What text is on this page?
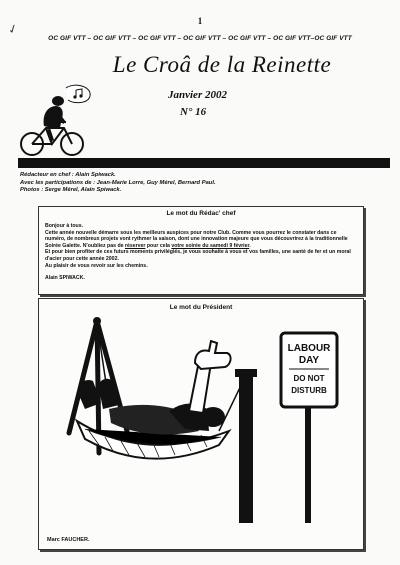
✓	1
OC GIF VTT – OC GIF VTT – OC GIF VTT – OC GIF VTT – OC GIF VTT – OC GIF VTT–OC GIF VTT
Le Croâ de la Reinette
Janvier 2002
N° 16
Rédacteur en chef : Alain Spiwack.
Avec les participations de : Jean-Marie Lorre, Guy Mérel, Bernard Paul.
Photos : Serge Mérel, Alain Spiwack.
Le mot du Rédac' chef

Bonjour à tous.

Cette année nouvelle démarre sous les meilleurs auspices pour notre Club. Comme vous pourrez le constater dans ce numéro, de nombreux projets vont rythmer la saison, dont une innovation majeure que vous découvrirez à la traditionnelle Soirée Galette. N'oubliez pas de réserver pour cela votre soirée du samedi 9 février.

Et pour bien profiter de ces futurs moments privilégiés, je vous souhaite à vous et vos familles, une santé de fer et un moral d'acier pour cette année 2002.

Au plaisir de vous revoir sur les chemins.

Alain SPIWACK.

Le mot du Président
LABOUR
DAY
DO NOT
DISTURB
Marc FAUCHER.
